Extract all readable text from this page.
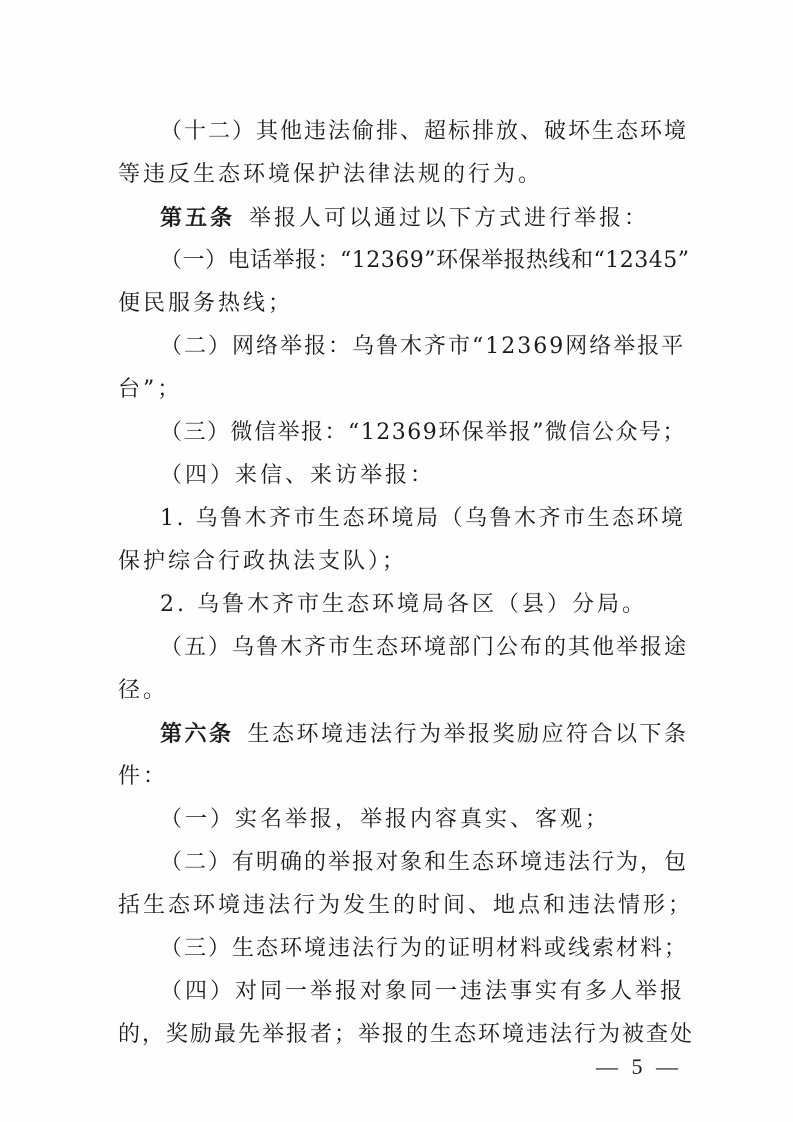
（十二）其他违法偷排、超标排放、破坏生态环境
等违反生态环境保护法律法规的行为。
第五条 举报人可以通过以下方式进行举报：
（一）电话举报：“12369”环保举报热线和“12345”
便民服务热线；
（二）网络举报：乌鲁木齐市“12369网络举报平
台”；
（三）微信举报：“12369环保举报”微信公众号；
（四）来信、来访举报：
1. 乌鲁木齐市生态环境局（乌鲁木齐市生态环境
保护综合行政执法支队）；
2. 乌鲁木齐市生态环境局各区（县）分局。
（五）乌鲁木齐市生态环境部门公布的其他举报途
径。
第六条 生态环境违法行为举报奖励应符合以下条
件：
（一）实名举报，举报内容真实、客观；
（二）有明确的举报对象和生态环境违法行为，包
括生态环境违法行为发生的时间、地点和违法情形；
（三）生态环境违法行为的证明材料或线索材料；
（四）对同一举报对象同一违法事实有多人举报
的，奖励最先举报者；举报的生态环境违法行为被查处
— 5 —
